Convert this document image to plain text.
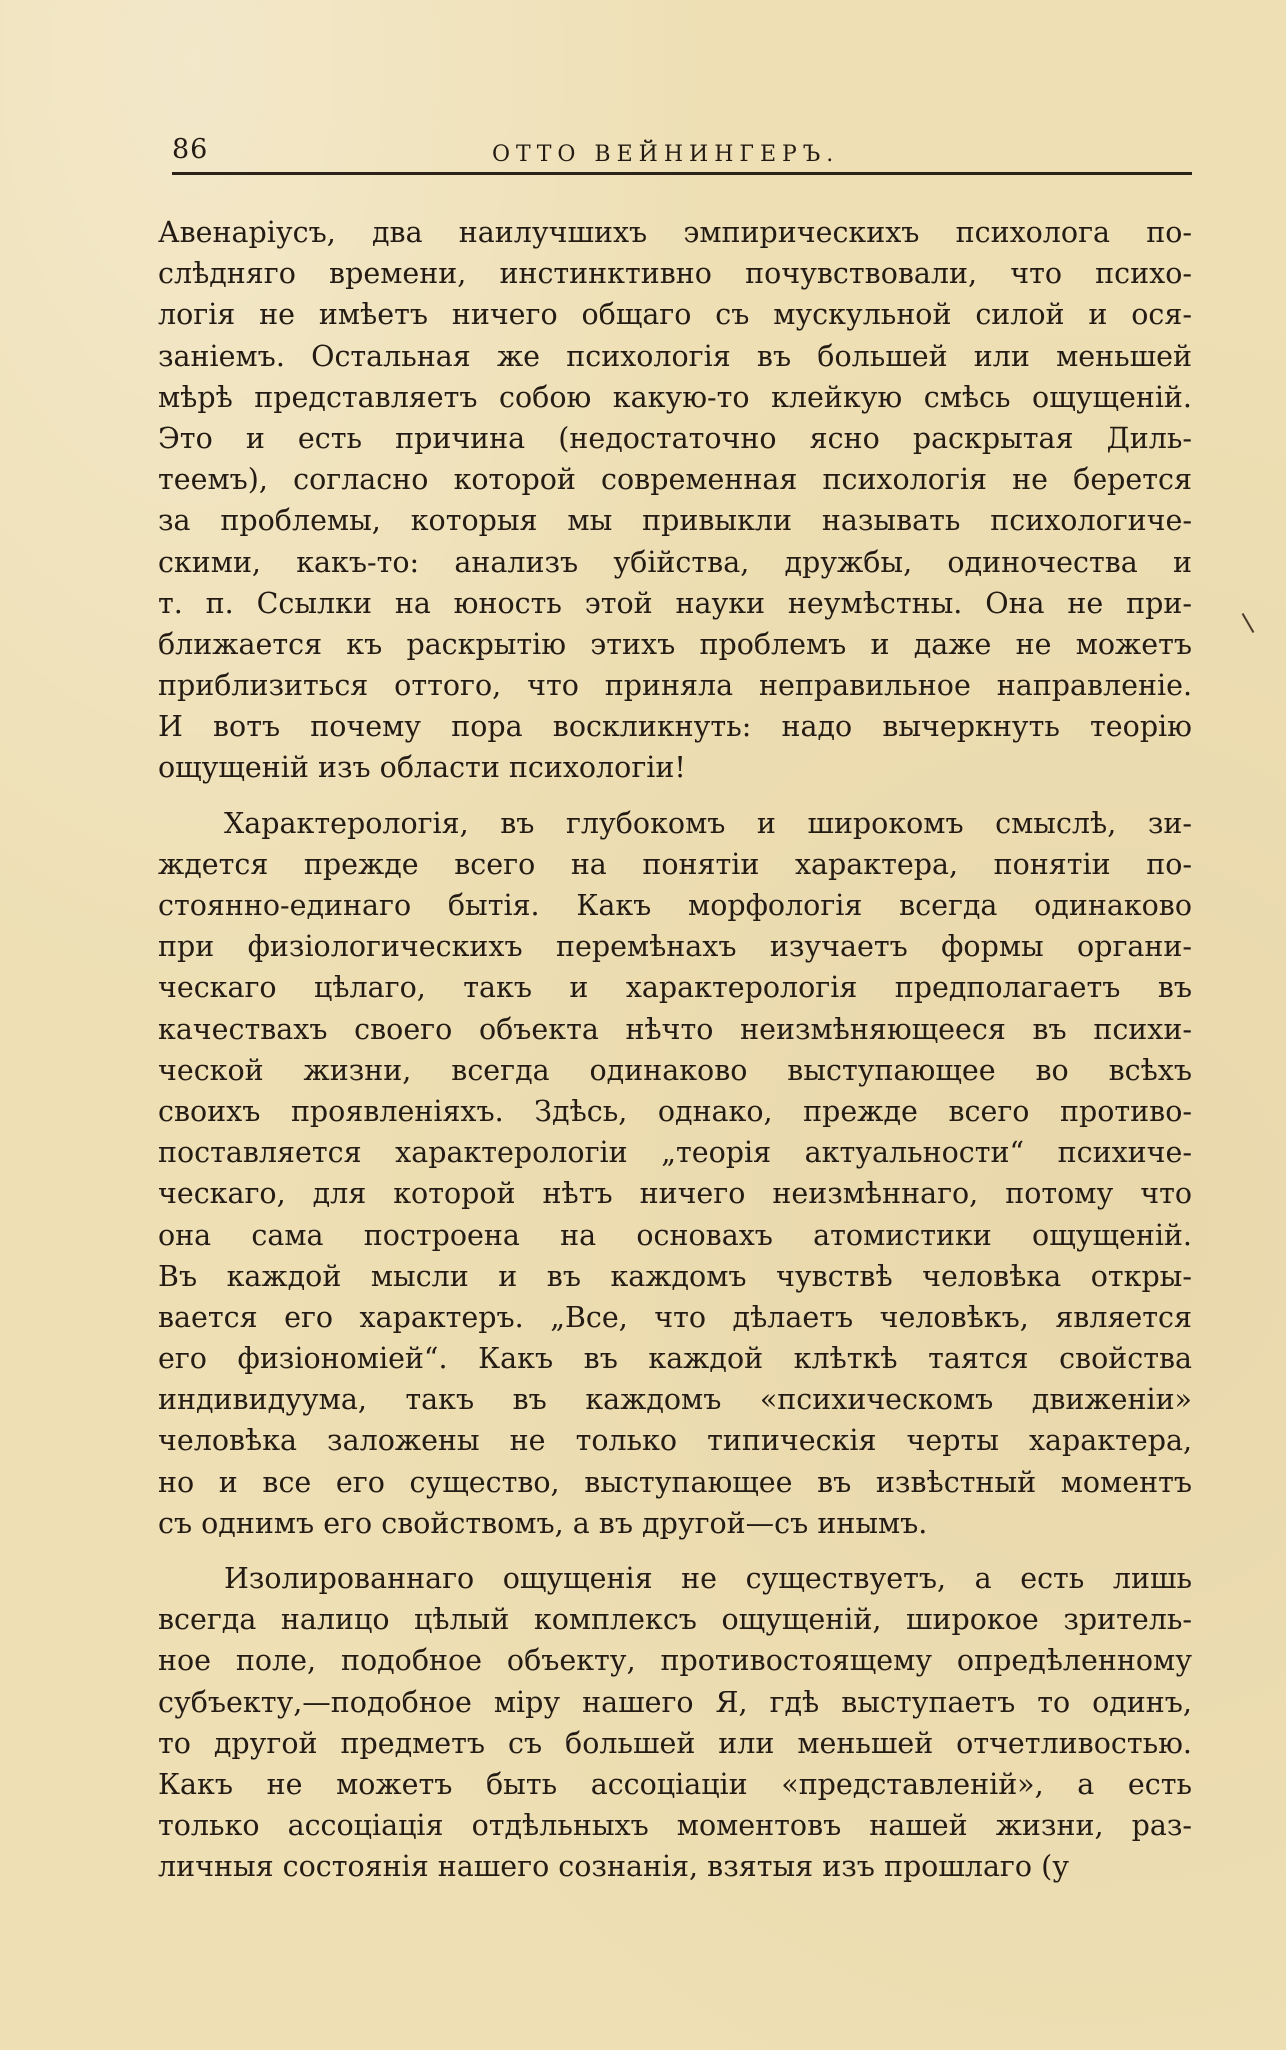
86	ОТТО ВЕЙНИНГЕРЪ.
Авенаріусъ, два наилучшихъ эмпирическихъ психолога по-
слѣдняго времени, инстинктивно почувствовали, что психо-
логія не имѣетъ ничего общаго съ мускульной силой и ося-
занiемъ. Остальная же психологія въ большей или меньшей
мѣрѣ представляетъ собою какую-то клейкую смѣсь ощущеній.
Это и есть причина (недостаточно ясно раскрытая Диль-
теемъ), согласно которой современная психологія не берется
за проблемы, которыя мы привыкли называть психологиче-
скими, какъ-то: анализъ убійства, дружбы, одиночества и
т. п. Ссылки на юность этой науки неумѣстны. Она не при-
ближается къ раскрытію этихъ проблемъ и даже не можетъ
приблизиться оттого, что приняла неправильное направленіе.
И вотъ почему пора воскликнуть: надо вычеркнуть теорію
ощущеній изъ области психологіи!
Характерологія, въ глубокомъ и широкомъ смыслѣ, зи-
ждется прежде всего на понятіи характера, понятіи по-
стоянно-единаго бытія. Какъ морфологія всегда одинаково
при физіологическихъ перемѣнахъ изучаетъ формы органи-
ческаго цѣлаго, такъ и характерологія предполагаетъ въ
качествахъ своего объекта нѣчто неизмѣняющееся въ психи-
ческой жизни, всегда одинаково выступающее во всѣхъ
своихъ проявленіяхъ. Здѣсь, однако, прежде всего противо-
поставляется характерологіи „теорія актуальности“ психиче-
ческаго, для которой нѣтъ ничего неизмѣннаго, потому что
она сама построена на основахъ атомистики ощущеній.
Въ каждой мысли и въ каждомъ чувствѣ человѣка откры-
вается его характеръ. „Все, что дѣлаетъ человѣкъ, является
его физіономіей“. Какъ въ каждой клѣткѣ таятся свойства
индивидуума, такъ въ каждомъ «психическомъ движеніи»
человѣка заложены не только типическія черты характера,
но и все его существо, выступающее въ извѣстный моментъ
съ однимъ его свойствомъ, а въ другой—съ инымъ.
Изолированнаго ощущенія не существуетъ, а есть лишь
всегда налицо цѣлый комплексъ ощущеній, широкое зритель-
ное поле, подобное объекту, противостоящему опредѣленному
субъекту,—подобное міру нашего Я, гдѣ выступаетъ то одинъ,
то другой предметъ съ большей или меньшей отчетливостью.
Какъ не можетъ быть ассоціаціи «представленій», а есть
только ассоціація отдѣльныхъ моментовъ нашей жизни, раз-
личныя состоянія нашего сознанія, взятыя изъ прошлаго (у
